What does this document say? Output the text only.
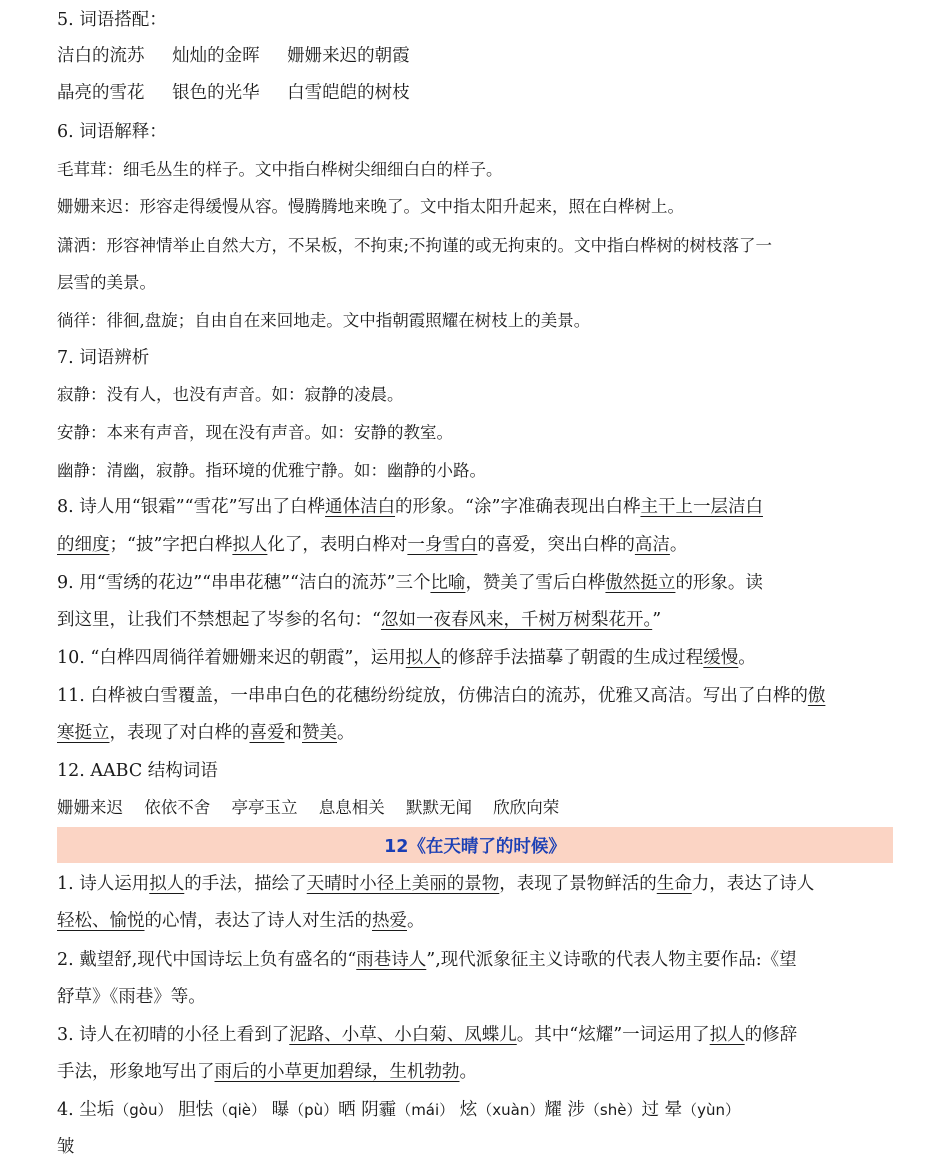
5. 词语搭配：
洁白的流苏 灿灿的金晖 姗姗来迟的朝霞
晶亮的雪花 银色的光华 白雪皑皑的树枝
6. 词语解释：
毛茸茸：细毛丛生的样子。文中指白桦树尖细细白白的样子。
姗姗来迟：形容走得缓慢从容。慢腾腾地来晚了。文中指太阳升起来，照在白桦树上。
潇洒：形容神情举止自然大方，不呆板，不拘束;不拘谨的或无拘束的。文中指白桦树的树枝落了一
层雪的美景。
徜徉：徘徊,盘旋；自由自在来回地走。文中指朝霞照耀在树枝上的美景。
7. 词语辨析
寂静：没有人，也没有声音。如：寂静的凌晨。
安静：本来有声音，现在没有声音。如：安静的教室。
幽静：清幽，寂静。指环境的优雅宁静。如：幽静的小路。
8. 诗人用“银霜”“雪花”写出了白桦通体洁白的形象。“涂”字准确表现出白桦主干上一层洁白
的细度；“披”字把白桦拟人化了，表明白桦对一身雪白的喜爱，突出白桦的高洁。
9. 用“雪绣的花边”“串串花穗”“洁白的流苏”三个比喻，赞美了雪后白桦傲然挺立的形象。读
到这里，让我们不禁想起了岑参的名句：“忽如一夜春风来，千树万树梨花开。”
10. “白桦四周徜徉着姗姗来迟的朝霞”，运用拟人的修辞手法描摹了朝霞的生成过程缓慢。
11. 白桦被白雪覆盖，一串串白色的花穗纷纷绽放，仿佛洁白的流苏，优雅又高洁。写出了白桦的傲
寒挺立，表现了对白桦的喜爱和赞美。
12. AABC 结构词语
姗姗来迟 依依不舍 亭亭玉立 息息相关 默默无闻 欣欣向荣
12《在天晴了的时候》
1. 诗人运用拟人的手法，描绘了天晴时小径上美丽的景物，表现了景物鲜活的生命力，表达了诗人
轻松、愉悦的心情，表达了诗人对生活的热爱。
2. 戴望舒,现代中国诗坛上负有盛名的“雨巷诗人”,现代派象征主义诗歌的代表人物主要作品:《望
舒草》《雨巷》等。
3. 诗人在初晴的小径上看到了泥路、小草、小白菊、凤蝶儿。其中“炫耀”一词运用了拟人的修辞
手法，形象地写出了雨后的小草更加碧绿，生机勃勃。
4. 尘垢（gòu） 胆怯（qiè） 曝（pù）晒 阴霾（mái） 炫（xuàn）耀 涉（shè）过 晕（yùn）
皱
